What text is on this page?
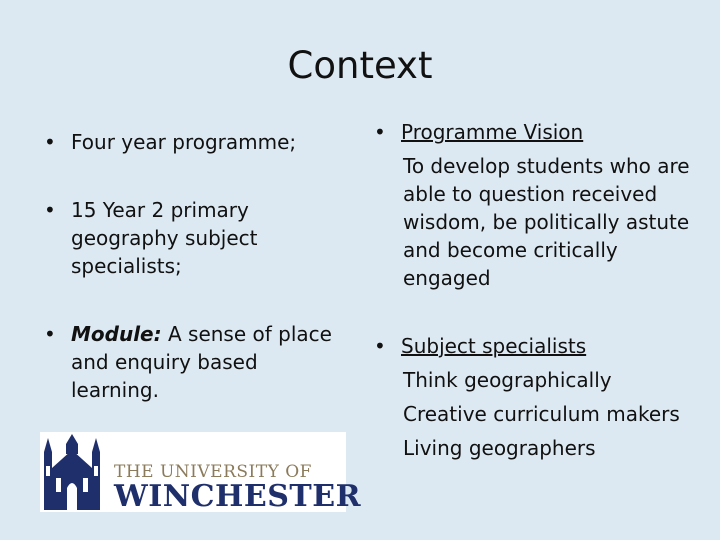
Context
• Four year programme;
• 15 Year 2 primary geography subject specialists;
• Module: A sense of place and enquiry based learning.
• Programme Vision
To develop students who are able to question received wisdom, be politically astute and become critically engaged
• Subject specialists
Think geographically
Creative curriculum makers
Living geographers
THE UNIVERSITY OF
WINCHESTER
